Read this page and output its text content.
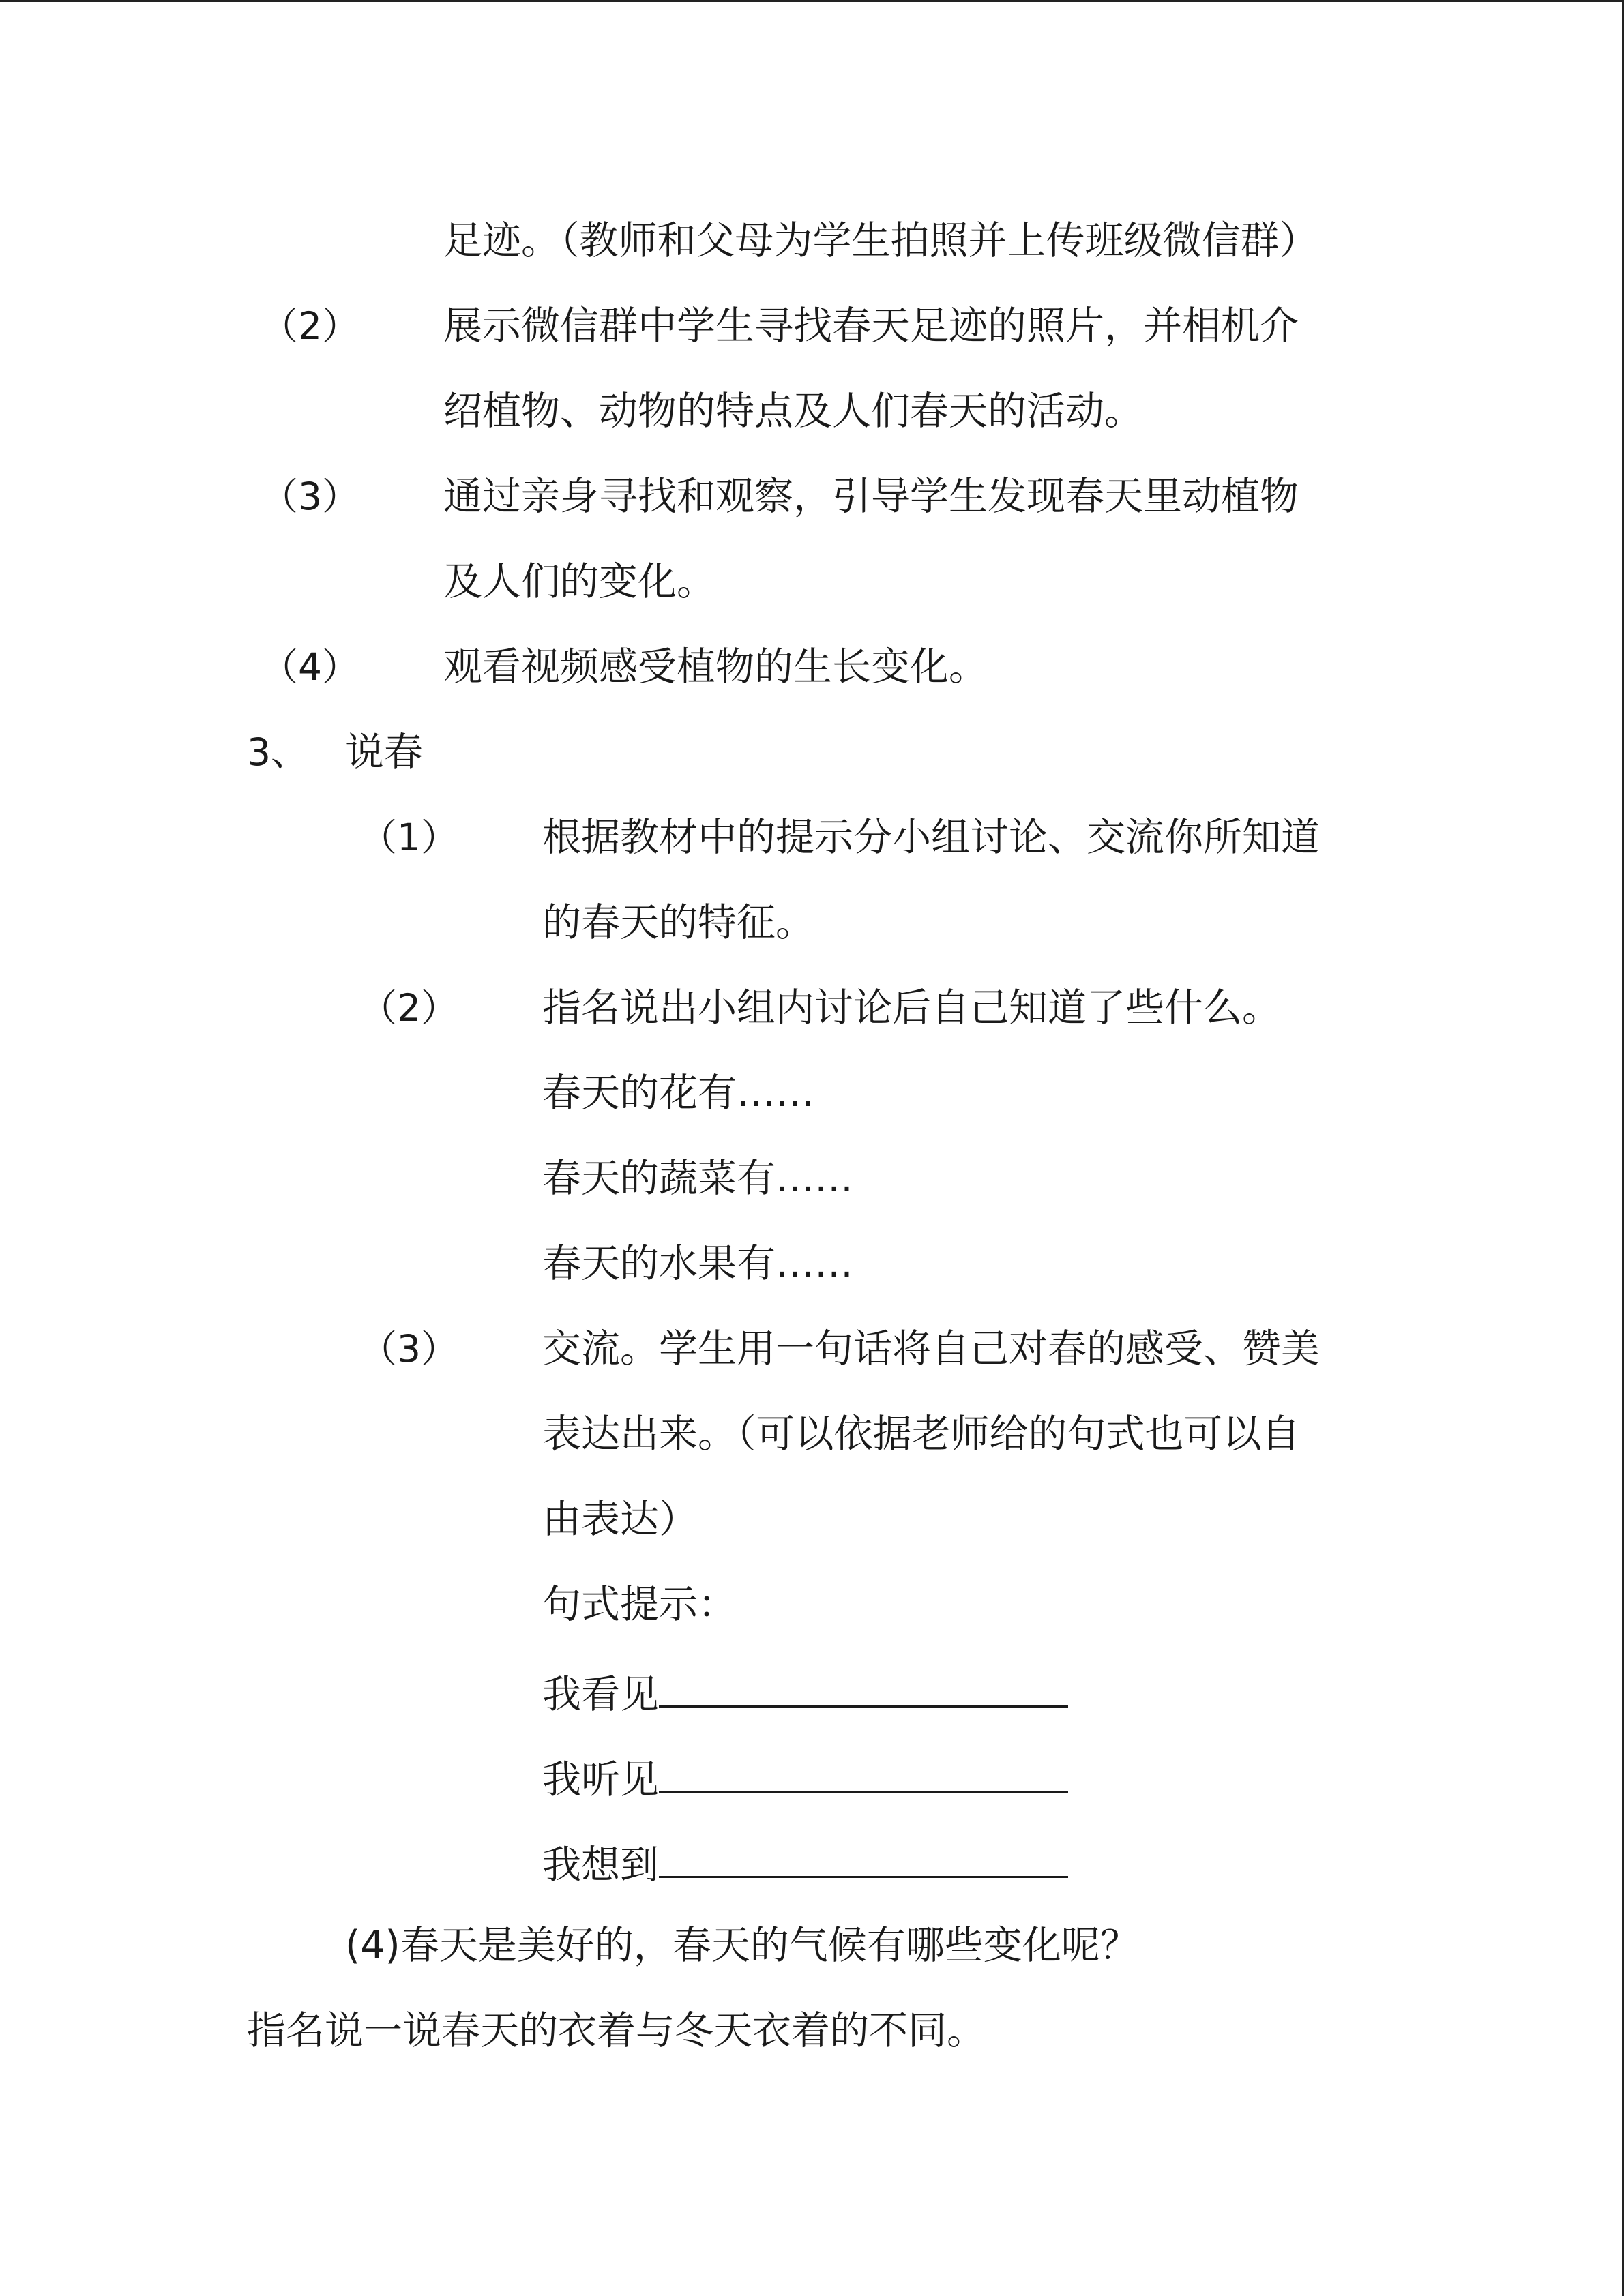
足迹。（教师和父母为学生拍照并上传班级微信群）
（2） 展示微信群中学生寻找春天足迹的照片，并相机介
绍植物、动物的特点及人们春天的活动。
（3） 通过亲身寻找和观察，引导学生发现春天里动植物
及人们的变化。
（4） 观看视频感受植物的生长变化。
3、 说春
（1） 根据教材中的提示分小组讨论、交流你所知道
的春天的特征。
（2） 指名说出小组内讨论后自己知道了些什么。
春天的花有……
春天的蔬菜有……
春天的水果有……
（3） 交流。学生用一句话将自己对春的感受、赞美
表达出来。（可以依据老师给的句式也可以自
由表达）
句式提示：
我看见
我听见
我想到
(4)春天是美好的，春天的气候有哪些变化呢？
指名说一说春天的衣着与冬天衣着的不同。
